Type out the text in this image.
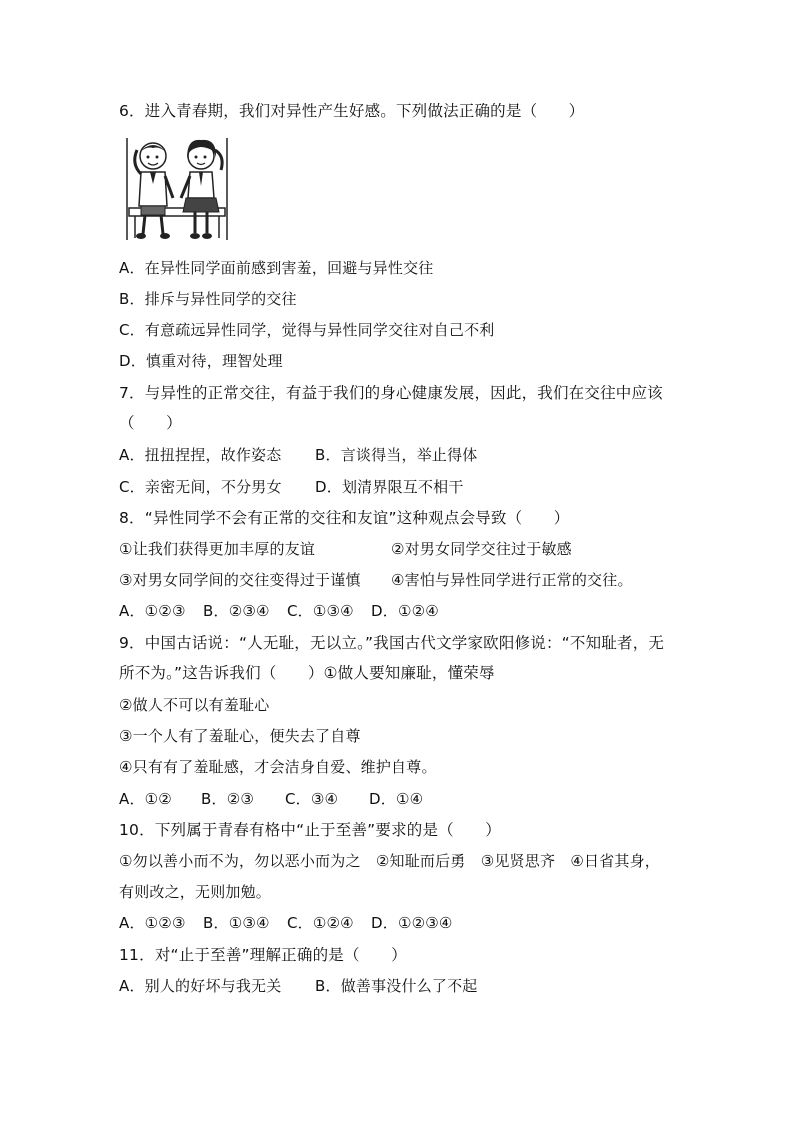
6．进入青春期，我们对异性产生好感。下列做法正确的是（　　）
A．在异性同学面前感到害羞，回避与异性交往
B．排斥与异性同学的交往
C．有意疏远异性同学，觉得与异性同学交往对自己不利
D．慎重对待，理智处理
7．与异性的正常交往，有益于我们的身心健康发展，因此，我们在交往中应该
（　　）
A．扭扭捏捏，故作姿态 B．言谈得当，举止得体
C．亲密无间，不分男女 D．划清界限互不相干
8．“异性同学不会有正常的交往和友谊”这种观点会导致（　　）
①让我们获得更加丰厚的友谊	②对男女同学交往过于敏感
③对男女同学间的交往变得过于谨慎 ④害怕与异性同学进行正常的交往。
A．①②③ B．②③④ C．①③④ D．①②④
9．中国古话说：“人无耻，无以立。”我国古代文学家欧阳修说：“不知耻者，无
所不为。”这告诉我们（　　）①做人要知廉耻，懂荣辱
②做人不可以有羞耻心
③一个人有了羞耻心，便失去了自尊
④只有有了羞耻感，才会洁身自爱、维护自尊。
A．①② B．②③ C．③④ D．①④
10．下列属于青春有格中“止于至善”要求的是（　　）
①勿以善小而不为，勿以恶小而为之　②知耻而后勇　③见贤思齐　④日省其身，
有则改之，无则加勉。
A．①②③ B．①③④ C．①②④ D．①②③④
11．对“止于至善”理解正确的是（　　）
A．别人的好坏与我无关 B．做善事没什么了不起
